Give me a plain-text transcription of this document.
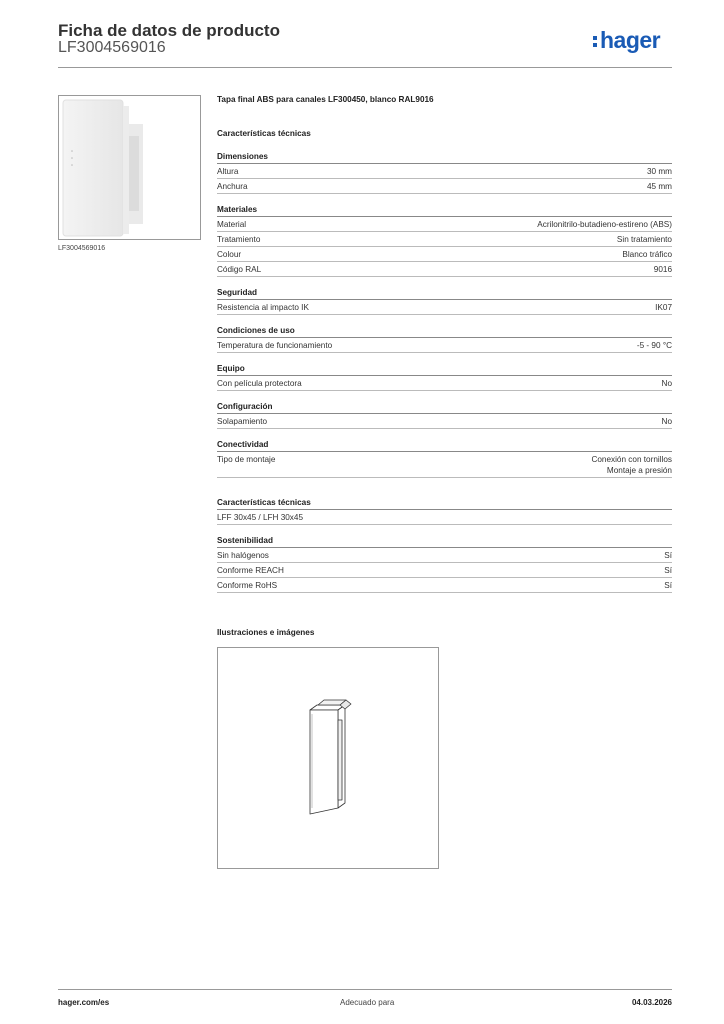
Ficha de datos de producto
LF3004569016	hager
LF3004569016
Tapa final ABS para canales LF300450, blanco RAL9016
Características técnicas
Dimensiones
Altura	30 mm
Anchura	45 mm
Materiales
Material	Acrilonitrilo-butadieno-estireno (ABS)
Tratamiento	Sin tratamiento
Colour	Blanco tráfico
Código RAL	9016
Seguridad
Resistencia al impacto IK	IK07
Condiciones de uso
Temperatura de funcionamiento	-5 - 90 °C
Equipo
Con película protectora	No
Configuración
Solapamiento	No
Conectividad
Tipo de montaje	Conexión con tornillos
Montaje a presión
Características técnicas
LFF 30x45 / LFH 30x45
Sostenibilidad
Sin halógenos	Sí
Conforme REACH	Sí
Conforme RoHS	Sí
Ilustraciones e imágenes
hager.com/es	Adecuado para	04.03.2026
